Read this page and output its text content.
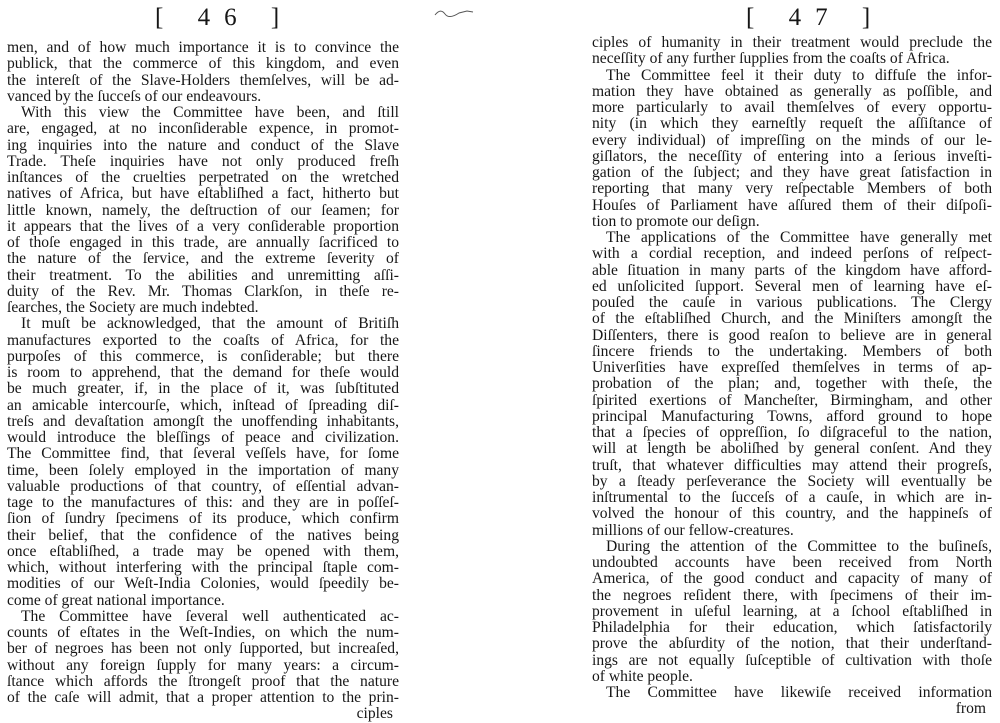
[ 46 ]
men, and of how much importance it is to convince the
publick, that the commerce of this kingdom, and even
the intereſt of the Slave-Holders themſelves, will be ad-
vanced by the ſucceſs of our endeavours.
With this view the Committee have been, and ſtill
are, engaged, at no inconſiderable expence, in promot-
ing inquiries into the nature and conduct of the Slave
Trade. Theſe inquiries have not only produced freſh
inſtances of the cruelties perpetrated on the wretched
natives of Africa, but have eſtabliſhed a fact, hitherto but
little known, namely, the deſtruction of our ſeamen; for
it appears that the lives of a very conſiderable proportion
of thoſe engaged in this trade, are annually ſacrificed to
the nature of the ſervice, and the extreme ſeverity of
their treatment. To the abilities and unremitting aſſi-
duity of the Rev. Mr. Thomas Clarkſon, in theſe re-
ſearches, the Society are much indebted.
It muſt be acknowledged, that the amount of Britiſh
manufactures exported to the coaſts of Africa, for the
purpoſes of this commerce, is conſiderable; but there
is room to apprehend, that the demand for theſe would
be much greater, if, in the place of it, was ſubſtituted
an amicable intercourſe, which, inſtead of ſpreading diſ-
treſs and devaſtation amongſt the unoffending inhabitants,
would introduce the bleſſings of peace and civilization.
The Committee find, that ſeveral veſſels have, for ſome
time, been ſolely employed in the importation of many
valuable productions of that country, of eſſential advan-
tage to the manufactures of this: and they are in poſſeſ-
ſion of ſundry ſpecimens of its produce, which confirm
their belief, that the confidence of the natives being
once eſtabliſhed, a trade may be opened with them,
which, without interfering with the principal ſtaple com-
modities of our Weſt-India Colonies, would ſpeedily be-
come of great national importance.
The Committee have ſeveral well authenticated ac-
counts of eſtates in the Weſt-Indies, on which the num-
ber of negroes has been not only ſupported, but increaſed,
without any foreign ſupply for many years: a circum-
ſtance which affords the ſtrongeſt proof that the nature
of the caſe will admit, that a proper attention to the prin-
ciples
[ 47 ]
ciples of humanity in their treatment would preclude the
neceſſity of any further ſupplies from the coaſts of Africa.
The Committee feel it their duty to diffuſe the infor-
mation they have obtained as generally as poſſible, and
more particularly to avail themſelves of every opportu-
nity (in which they earneſtly requeſt the aſſiſtance of
every individual) of impreſſing on the minds of our le-
giſlators, the neceſſity of entering into a ſerious inveſti-
gation of the ſubject; and they have great ſatisfaction in
reporting that many very reſpectable Members of both
Houſes of Parliament have aſſured them of their diſpoſi-
tion to promote our deſign.
The applications of the Committee have generally met
with a cordial reception, and indeed perſons of reſpect-
able ſituation in many parts of the kingdom have afford-
ed unſolicited ſupport. Several men of learning have eſ-
pouſed the cauſe in various publications. The Clergy
of the eſtabliſhed Church, and the Miniſters amongſt the
Diſſenters, there is good reaſon to believe are in general
ſincere friends to the undertaking. Members of both
Univerſities have expreſſed themſelves in terms of ap-
probation of the plan; and, together with theſe, the
ſpirited exertions of Mancheſter, Birmingham, and other
principal Manufacturing Towns, afford ground to hope
that a ſpecies of oppreſſion, ſo diſgraceful to the nation,
will at length be aboliſhed by general conſent. And they
truſt, that whatever difficulties may attend their progreſs,
by a ſteady perſeverance the Society will eventually be
inſtrumental to the ſucceſs of a cauſe, in which are in-
volved the honour of this country, and the happineſs of
millions of our fellow-creatures.
During the attention of the Committee to the buſineſs,
undoubted accounts have been received from North
America, of the good conduct and capacity of many of
the negroes reſident there, with ſpecimens of their im-
provement in uſeful learning, at a ſchool eſtabliſhed in
Philadelphia for their education, which ſatisfactorily
prove the abſurdity of the notion, that their underſtand-
ings are not equally ſuſceptible of cultivation with thoſe
of white people.
The Committee have likewiſe received information
from
